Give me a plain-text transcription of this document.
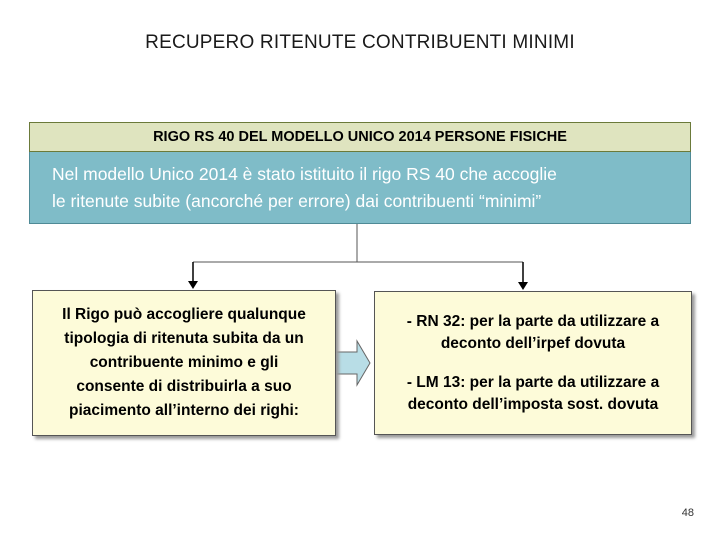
RECUPERO RITENUTE CONTRIBUENTI MINIMI
RIGO RS 40 DEL MODELLO UNICO 2014 PERSONE FISICHE
Nel modello Unico 2014 è stato istituito il rigo RS 40 che accoglie
le ritenute subite (ancorché per errore) dai contribuenti “minimi”
Il Rigo può accogliere qualunque
tipologia di ritenuta subita da un
contribuente minimo e gli
consente di distribuirla a suo
piacimento all’interno dei righi:
- RN 32: per la parte da utilizzare a
deconto dell’irpef dovuta
- LM 13: per la parte da utilizzare a
deconto dell’imposta sost. dovuta
48
